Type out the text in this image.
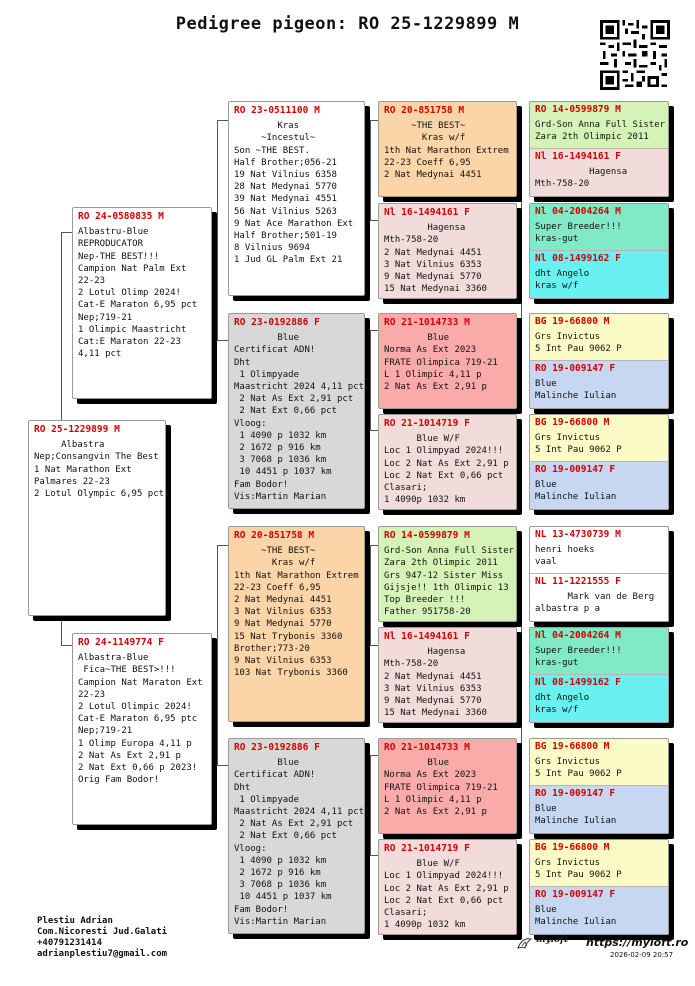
Pedigree pigeon: RO 25-1229899 M
RO 25-1229899 M
Albastra
Nep;Consangvin The Best
1 Nat Marathon Ext
Palmares 22-23
2 Lotul Olympic 6,95 pct
RO 24-0580835 M
Albastru-Blue
REPRODUCATOR
Nep-THE BEST!!!
Campion Nat Palm Ext
22-23
2 Lotul Olimp 2024!
Cat-E Maraton 6,95 pct
Nep;719-21
1 Olimpic Maastricht
Cat:E Maraton 22-23
4,11 pct
RO 24-1149774 F
Albastra-Blue
Fica~THE BEST>!!!
Campion Nat Maraton Ext
22-23
2 Lotul Olimpic 2024!
Cat-E Maraton 6,95 ptc
Nep;719-21
1 Olimp Europa 4,11 p
2 Nat As Ext 2,91 p
2 Nat Ext 0,66 p 2023!
Orig Fam Bodor!
RO 23-0511100 M
Kras
~Incestul~
Son ~THE BEST.
Half Brother;056-21
19 Nat Vilnius 6358
28 Nat Medynai 5770
39 Nat Medynai 4551
56 Nat Vilnius 5263
9 Nat Ace Marathon Ext
Half Brother;501-19
8 Vilnius 9694
1 Jud GL Palm Ext 21
RO 23-0192886 F
Blue
Certificat ADN!
Dht
1 Olimpyade
Maastricht 2024 4,11 pct
2 Nat As Ext 2,91 pct
2 Nat Ext 0,66 pct
Vloog:
1 4090 p 1032 km
2 1672 p 916 km
3 7068 p 1036 km
10 4451 p 1037 km
Fam Bodor!
Vis:Martin Marian
RO 20-851758 M
~THE BEST~
Kras w/f
1th Nat Marathon Extrem
22-23 Coeff 6,95
2 Nat Medynai 4451
3 Nat Vilnius 6353
9 Nat Medynai 5770
15 Nat Trybonis 3360
Brother;773-20
9 Nat Vilnius 6353
103 Nat Trybonis 3360
RO 23-0192886 F
Blue
Certificat ADN!
Dht
1 Olimpyade
Maastricht 2024 4,11 pct
2 Nat As Ext 2,91 pct
2 Nat Ext 0,66 pct
Vloog:
1 4090 p 1032 km
2 1672 p 916 km
3 7068 p 1036 km
10 4451 p 1037 km
Fam Bodor!
Vis:Martin Marian
RO 20-851758 M
~THE BEST~
Kras w/f
1th Nat Marathon Extrem
22-23 Coeff 6,95
2 Nat Medynai 4451
Nl 16-1494161 F
Hagensa
Mth-758-20
2 Nat Medynai 4451
3 Nat Vilnius 6353
9 Nat Medynai 5770
15 Nat Medynai 3360
RO 21-1014733 M
Blue
Norma As Ext 2023
FRATE Olimpica 719-21
L 1 Olimpic 4,11 p
2 Nat As Ext 2,91 p
RO 21-1014719 F
Blue W/F
Loc 1 Olimpyad 2024!!!
Loc 2 Nat As Ext 2,91 p
Loc 2 Nat Ext 0,66 pct
Clasari;
1 4090p 1032 km
RO 14-0599879 M
Grd-Son Anna Full Sister
Zara 2th Olimpic 2011
Grs 947-12 Sister Miss
Gijsje!! 1th Olimpic 13
Top Breeder !!!
Father 951758-20
Nl 16-1494161 F
Hagensa
Mth-758-20
2 Nat Medynai 4451
3 Nat Vilnius 6353
9 Nat Medynai 5770
15 Nat Medynai 3360
RO 21-1014733 M
Blue
Norma As Ext 2023
FRATE Olimpica 719-21
L 1 Olimpic 4,11 p
2 Nat As Ext 2,91 p
RO 21-1014719 F
Blue W/F
Loc 1 Olimpyad 2024!!!
Loc 2 Nat As Ext 2,91 p
Loc 2 Nat Ext 0,66 pct
Clasari;
1 4090p 1032 km
RO 14-0599879 M
Grd-Son Anna Full Sister
Zara 2th Olimpic 2011
Nl 16-1494161 F
Hagensa
Mth-758-20
Nl 04-2004264 M
Super Breeder!!!
kras-gut
Nl 08-1499162 F
dht Angelo
kras w/f
BG 19-66800 M
Grs Invictus
5 Int Pau 9062 P
RO 19-009147 F
Blue
Malinche Iulian
BG 19-66800 M
Grs Invictus
5 Int Pau 9062 P
RO 19-009147 F
Blue
Malinche Iulian
NL 13-4730739 M
henri hoeks
vaal
NL 11-1221555 F
Mark van de Berg
albastra p a
Nl 04-2004264 M
Super Breeder!!!
kras-gut
Nl 08-1499162 F
dht Angelo
kras w/f
BG 19-66800 M
Grs Invictus
5 Int Pau 9062 P
RO 19-009147 F
Blue
Malinche Iulian
BG 19-66800 M
Grs Invictus
5 Int Pau 9062 P
RO 19-009147 F
Blue
Malinche Iulian
Plestiu Adrian
Com.Nicoresti Jud.Galati
+40791231414
adrianplestiu7@gmail.com
myloft https://myloft.ro
2026-02-09 20:57
